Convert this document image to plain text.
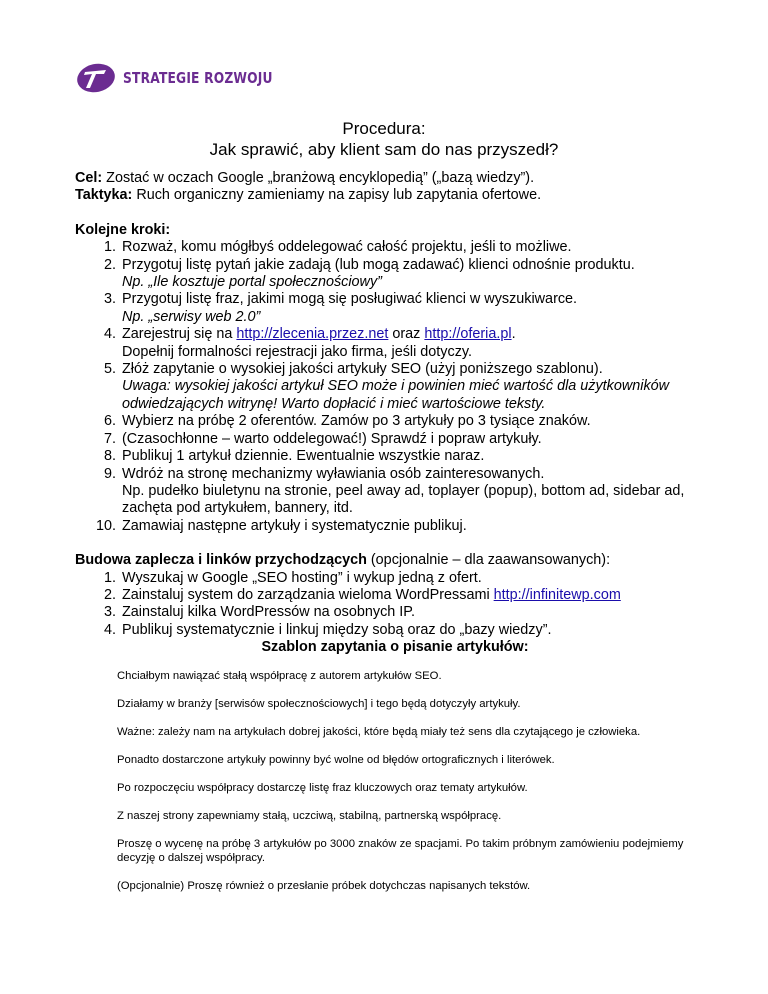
STRATEGIE ROZWOJU
Procedura:
Jak sprawić, aby klient sam do nas przyszedł?

Cel: Zostać w oczach Google „branżową encyklopedią” („bazą wiedzy”).

Taktyka: Ruch organiczny zamieniamy na zapisy lub zapytania ofertowe.

Kolejne kroki:

1. Rozważ, komu mógłbyś oddelegować całość projektu, jeśli to możliwe.
2. Przygotuj listę pytań jakie zadają (lub mogą zadawać) klienci odnośnie produktu.
Np. „Ile kosztuje portal społecznościowy”
3. Przygotuj listę fraz, jakimi mogą się posługiwać klienci w wyszukiwarce.
Np. „serwisy web 2.0”
4. Zarejestruj się na http://zlecenia.przez.net oraz http://oferia.pl.
Dopełnij formalności rejestracji jako firma, jeśli dotyczy.
5. Złóż zapytanie o wysokiej jakości artykuły SEO (użyj poniższego szablonu).
Uwaga: wysokiej jakości artykuł SEO może i powinien mieć wartość dla użytkowników odwiedzających witrynę! Warto dopłacić i mieć wartościowe teksty.
6. Wybierz na próbę 2 oferentów. Zamów po 3 artykuły po 3 tysiące znaków.
7. (Czasochłonne – warto oddelegować!) Sprawdź i popraw artykuły.
8. Publikuj 1 artykuł dziennie. Ewentualnie wszystkie naraz.
9. Wdróż na stronę mechanizmy wyławiania osób zainteresowanych.
Np. pudełko biuletynu na stronie, peel away ad, toplayer (popup), bottom ad, sidebar ad, zachęta pod artykułem, bannery, itd.
10. Zamawiaj następne artykuły i systematycznie publikuj.

Budowa zaplecza i linków przychodzących (opcjonalnie – dla zaawansowanych):

1. Wyszukaj w Google „SEO hosting” i wykup jedną z ofert.
2. Zainstaluj system do zarządzania wieloma WordPressami http://infinitewp.com
3. Zainstaluj kilka WordPressów na osobnych IP.
4. Publikuj systematycznie i linkuj między sobą oraz do „bazy wiedzy”.

Szablon zapytania o pisanie artykułów:

Chciałbym nawiązać stałą współpracę z autorem artykułów SEO.

Działamy w branży [serwisów społecznościowych] i tego będą dotyczyły artykuły.

Ważne: zależy nam na artykułach dobrej jakości, które będą miały też sens dla czytającego je człowieka.

Ponadto dostarczone artykuły powinny być wolne od błędów ortograficznych i literówek.

Po rozpoczęciu współpracy dostarczę listę fraz kluczowych oraz tematy artykułów.

Z naszej strony zapewniamy stałą, uczciwą, stabilną, partnerską współpracę.

Proszę o wycenę na próbę 3 artykułów po 3000 znaków ze spacjami. Po takim próbnym zamówieniu podejmiemy decyzję o dalszej współpracy.

(Opcjonalnie) Proszę również o przesłanie próbek dotychczas napisanych tekstów.
